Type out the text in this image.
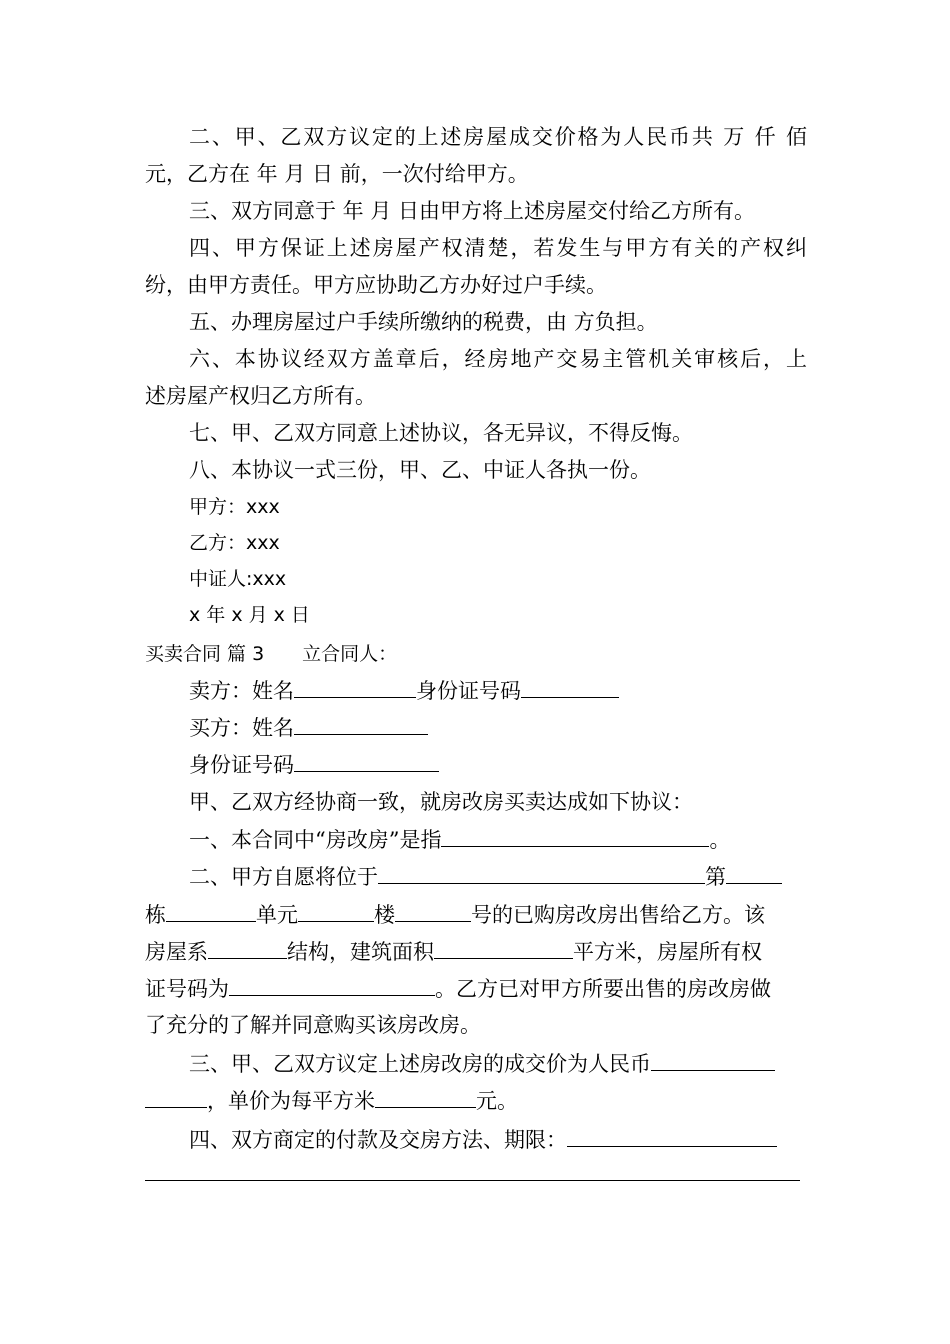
二、甲、乙双方议定的上述房屋成交价格为人民币共 万 仟 佰
元，乙方在 年 月 日 前，一次付给甲方。
三、双方同意于 年 月 日由甲方将上述房屋交付给乙方所有。
四、甲方保证上述房屋产权清楚，若发生与甲方有关的产权纠
纷，由甲方责任。甲方应协助乙方办好过户手续。
五、办理房屋过户手续所缴纳的税费，由 方负担。
六、本协议经双方盖章后，经房地产交易主管机关审核后，上
述房屋产权归乙方所有。
七、甲、乙双方同意上述协议，各无异议，不得反悔。
八、本协议一式三份，甲、乙、中证人各执一份。
甲方：xxx
乙方：xxx
中证人:xxx
x 年 x 月 x 日
买卖合同 篇 3 立合同人：
卖方：姓名	身份证号码
买方：姓名
身份证号码
甲、乙双方经协商一致，就房改房买卖达成如下协议：
一、本合同中“房改房”是指	。
二、甲方自愿将位于	第
栋	单元	楼	号的已购房改房出售给乙方。该
房屋系	结构，建筑面积	平方米，房屋所有权
证号码为	。乙方已对甲方所要出售的房改房做
了充分的了解并同意购买该房改房。
三、甲、乙双方议定上述房改房的成交价为人民币
，单价为每平方米	元。
四、双方商定的付款及交房方法、期限：
